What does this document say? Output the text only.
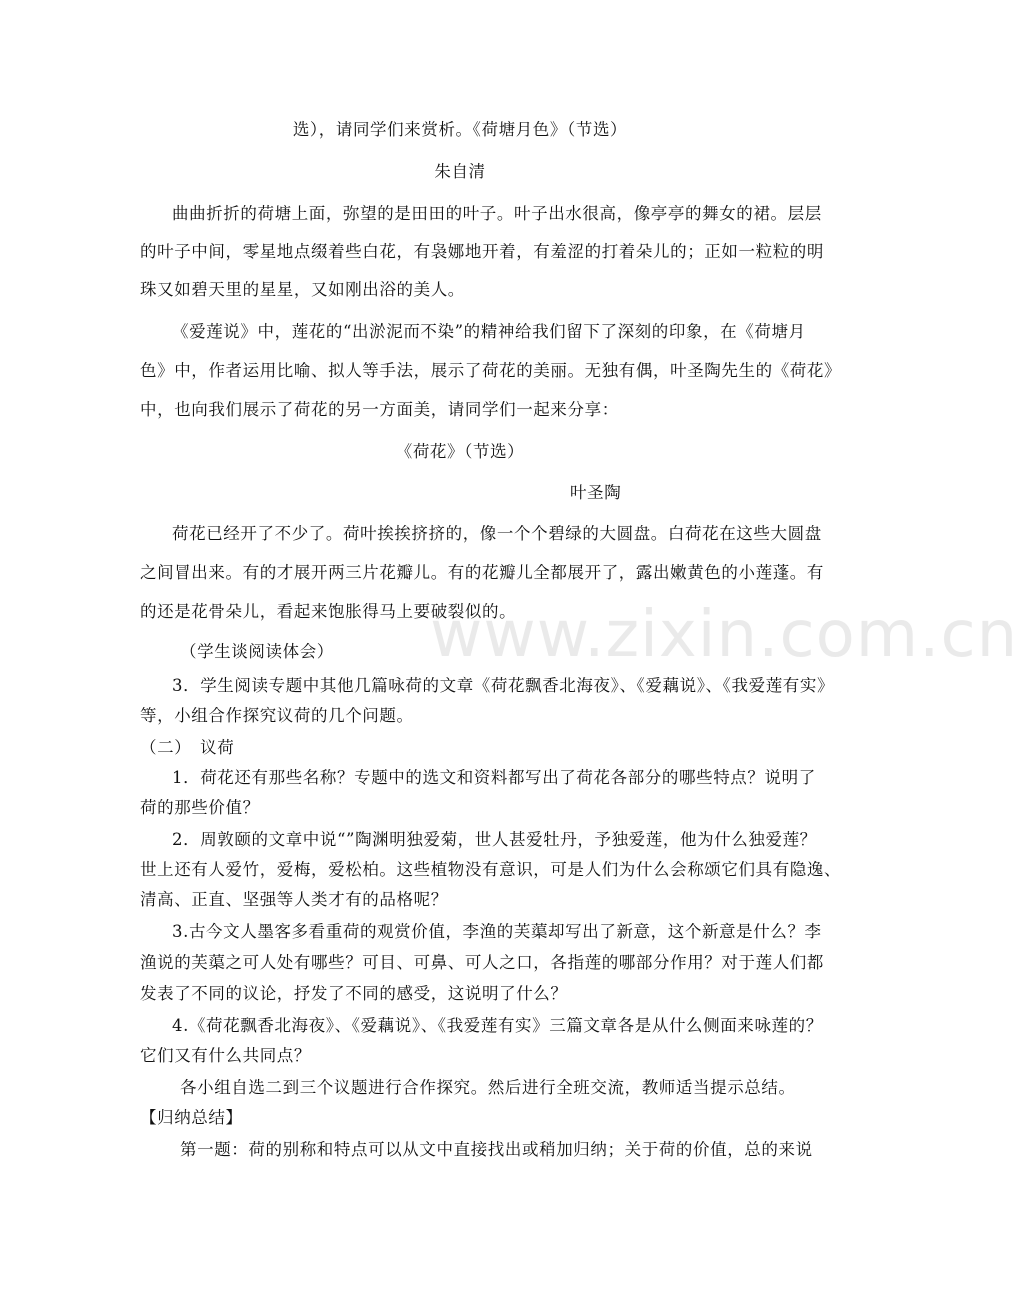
选），请同学们来赏析。《荷塘月色》（节选）
朱自清
曲曲折折的荷塘上面，弥望的是田田的叶子。叶子出水很高，像亭亭的舞女的裙。层层
的叶子中间，零星地点缀着些白花，有袅娜地开着，有羞涩的打着朵儿的；正如一粒粒的明
珠又如碧天里的星星，又如刚出浴的美人。
《爱莲说》中，莲花的“出淤泥而不染”的精神给我们留下了深刻的印象，在《荷塘月
色》中，作者运用比喻、拟人等手法，展示了荷花的美丽。无独有偶，叶圣陶先生的《荷花》
中，也向我们展示了荷花的另一方面美，请同学们一起来分享：
《荷花》（节选）
叶圣陶
荷花已经开了不少了。荷叶挨挨挤挤的，像一个个碧绿的大圆盘。白荷花在这些大圆盘
之间冒出来。有的才展开两三片花瓣儿。有的花瓣儿全都展开了，露出嫩黄色的小莲蓬。有
的还是花骨朵儿，看起来饱胀得马上要破裂似的。
（学生谈阅读体会）
3．学生阅读专题中其他几篇咏荷的文章《荷花飘香北海夜》、《爱藕说》、《我爱莲有实》
等，小组合作探究议荷的几个问题。
（二）　议荷
1．荷花还有那些名称？专题中的选文和资料都写出了荷花各部分的哪些特点？说明了
荷的那些价值？
2．周敦颐的文章中说“”陶渊明独爱菊，世人甚爱牡丹，予独爱莲，他为什么独爱莲？
世上还有人爱竹，爱梅，爱松柏。这些植物没有意识，可是人们为什么会称颂它们具有隐逸、
清高、正直、坚强等人类才有的品格呢？
3.古今文人墨客多看重荷的观赏价值，李渔的芙蕖却写出了新意，这个新意是什么？李
渔说的芙蕖之可人处有哪些？可目、可鼻、可人之口，各指莲的哪部分作用？对于莲人们都
发表了不同的议论，抒发了不同的感受，这说明了什么？
4.《荷花飘香北海夜》、《爱藕说》、《我爱莲有实》三篇文章各是从什么侧面来咏莲的？
它们又有什么共同点？
各小组自选二到三个议题进行合作探究。然后进行全班交流，教师适当提示总结。
【归纳总结】
第一题：荷的别称和特点可以从文中直接找出或稍加归纳；关于荷的价值，总的来说
www.zixin.com.cn
